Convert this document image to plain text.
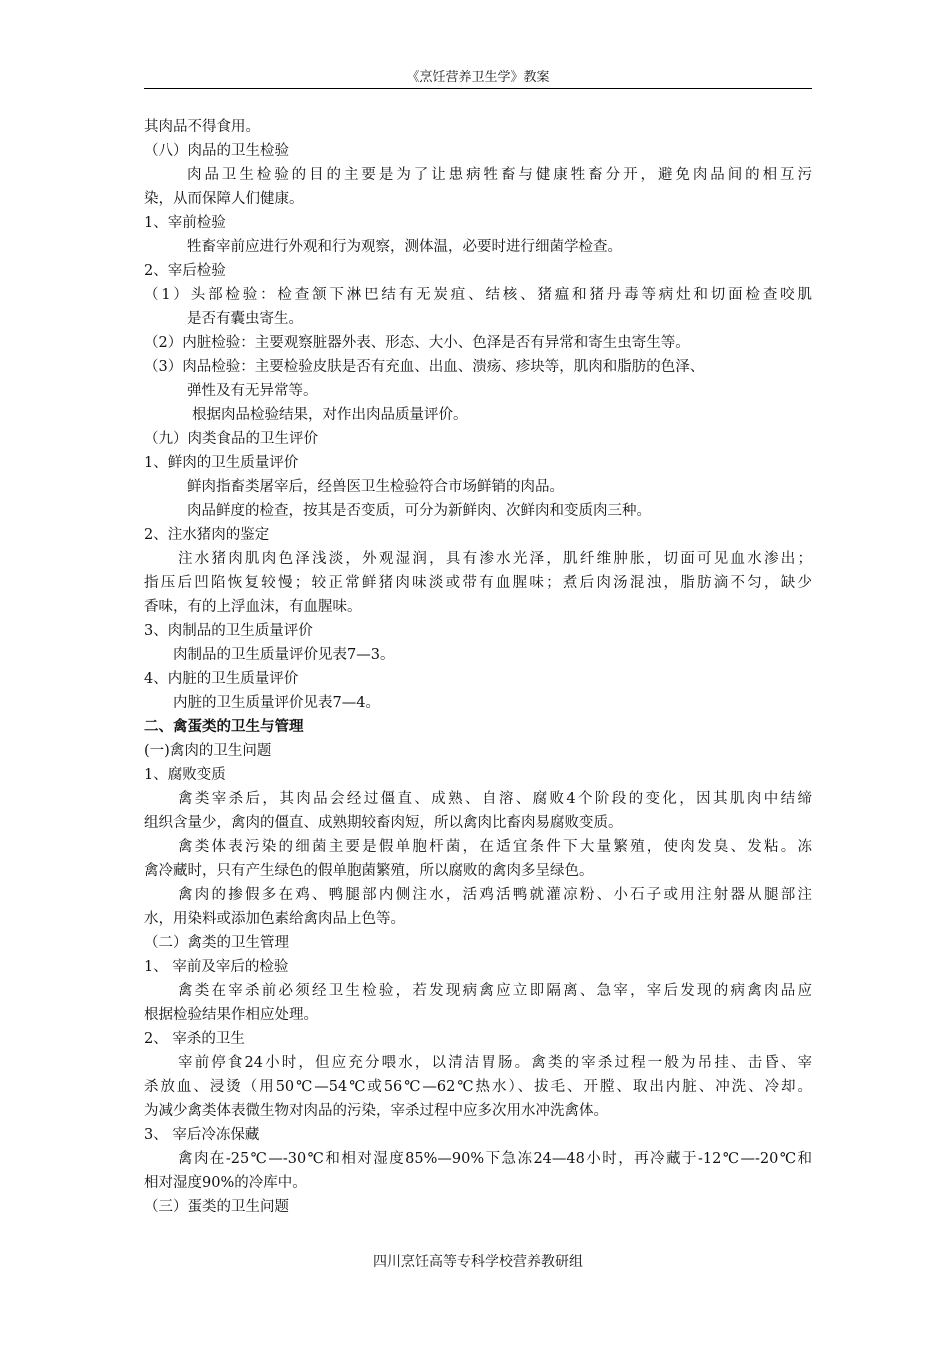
《烹饪营养卫生学》教案
其肉品不得食用。
（八）肉品的卫生检验
肉品卫生检验的目的主要是为了让患病牲畜与健康牲畜分开，避免肉品间的相互污
染，从而保障人们健康。
1、宰前检验
牲畜宰前应进行外观和行为观察，测体温，必要时进行细菌学检查。
2、宰后检验
（1）头部检验：检查颔下淋巴结有无炭疽、结核、猪瘟和猪丹毒等病灶和切面检查咬肌
是否有囊虫寄生。
（2）内脏检验：主要观察脏器外表、形态、大小、色泽是否有异常和寄生虫寄生等。
（3）肉品检验：主要检验皮肤是否有充血、出血、溃疡、疹块等，肌肉和脂肪的色泽、
弹性及有无异常等。
根据肉品检验结果，对作出肉品质量评价。
（九）肉类食品的卫生评价
1、鲜肉的卫生质量评价
鲜肉指畜类屠宰后，经兽医卫生检验符合市场鲜销的肉品。
肉品鲜度的检查，按其是否变质，可分为新鲜肉、次鲜肉和变质肉三种。
2、注水猪肉的鉴定
注水猪肉肌肉色泽浅淡，外观湿润，具有渗水光泽，肌纤维肿胀，切面可见血水渗出；
指压后凹陷恢复较慢；较正常鲜猪肉味淡或带有血腥味；煮后肉汤混浊，脂肪滴不匀，缺少
香味，有的上浮血沫，有血腥味。
3、肉制品的卫生质量评价
肉制品的卫生质量评价见表7—3。
4、内脏的卫生质量评价
内脏的卫生质量评价见表7—4。
二、禽蛋类的卫生与管理
(一)禽肉的卫生问题
1、腐败变质
禽类宰杀后，其肉品会经过僵直、成熟、自溶、腐败4个阶段的变化，因其肌肉中结缔
组织含量少，禽肉的僵直、成熟期较畜肉短，所以禽肉比畜肉易腐败变质。
禽类体表污染的细菌主要是假单胞杆菌，在适宜条件下大量繁殖，使肉发臭、发粘。冻
禽冷藏时，只有产生绿色的假单胞菌繁殖，所以腐败的禽肉多呈绿色。
禽肉的掺假多在鸡、鸭腿部内侧注水，活鸡活鸭就灌凉粉、小石子或用注射器从腿部注
水，用染料或添加色素给禽肉品上色等。
（二）禽类的卫生管理
1、 宰前及宰后的检验
禽类在宰杀前必须经卫生检验，若发现病禽应立即隔离、急宰，宰后发现的病禽肉品应
根据检验结果作相应处理。
2、 宰杀的卫生
宰前停食24小时，但应充分喂水，以清洁胃肠。禽类的宰杀过程一般为吊挂、击昏、宰
杀放血、浸烫（用50℃—54℃或56℃—62℃热水）、拔毛、开膛、取出内脏、冲洗、冷却。
为减少禽类体表微生物对肉品的污染，宰杀过程中应多次用水冲洗禽体。
3、 宰后冷冻保藏
禽肉在-25℃—-30℃和相对湿度85%—90%下急冻24—48小时，再冷藏于-12℃—-20℃和
相对湿度90%的冷库中。
（三）蛋类的卫生问题
四川烹饪高等专科学校营养教研组
